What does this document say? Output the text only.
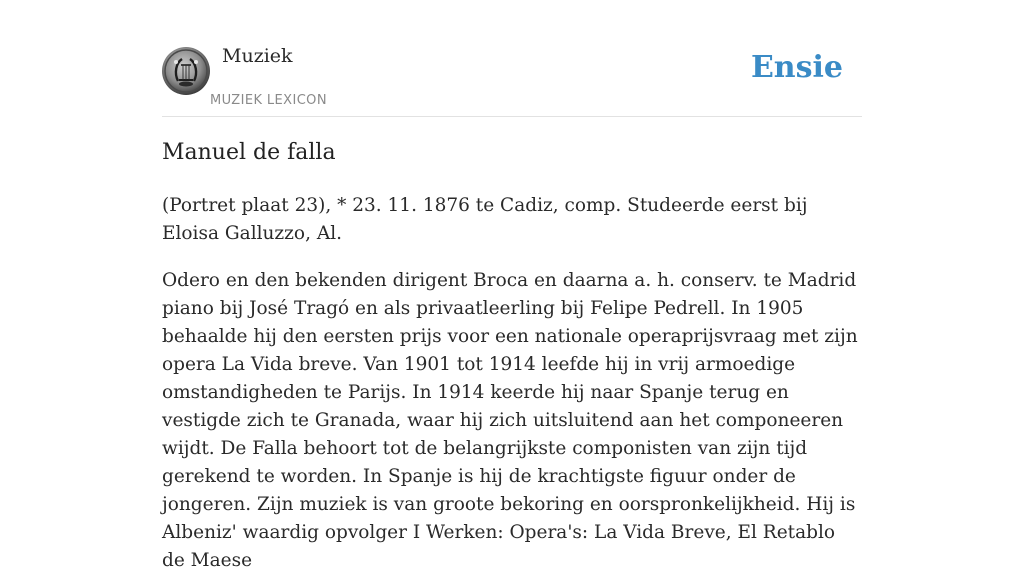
Muziek
MUZIEK LEXICON
Ensie
Manuel de falla

(Portret plaat 23), * 23. 11. 1876 te Cadiz, comp. Studeerde eerst bij Eloisa Galluzzo, Al.

Odero en den bekenden dirigent Broca en daarna a. h. conserv. te Madrid piano bij José Tragó en als privaatleerling bij Felipe Pedrell. In 1905 behaalde hij den eersten prijs voor een nationale operaprijsvraag met zijn opera La Vida breve. Van 1901 tot 1914 leefde hij in vrij armoedige omstandigheden te Parijs. In 1914 keerde hij naar Spanje terug en vestigde zich te Granada, waar hij zich uitsluitend aan het componeeren wijdt. De Falla behoort tot de belangrijkste componisten van zijn tijd gerekend te worden. In Spanje is hij de krachtigste figuur onder de jongeren. Zijn muziek is van groote bekoring en oorspronkelijkheid. Hij is Albeniz' waardig opvolger I Werken: Opera's: La Vida Breve, El Retablo de Maese
